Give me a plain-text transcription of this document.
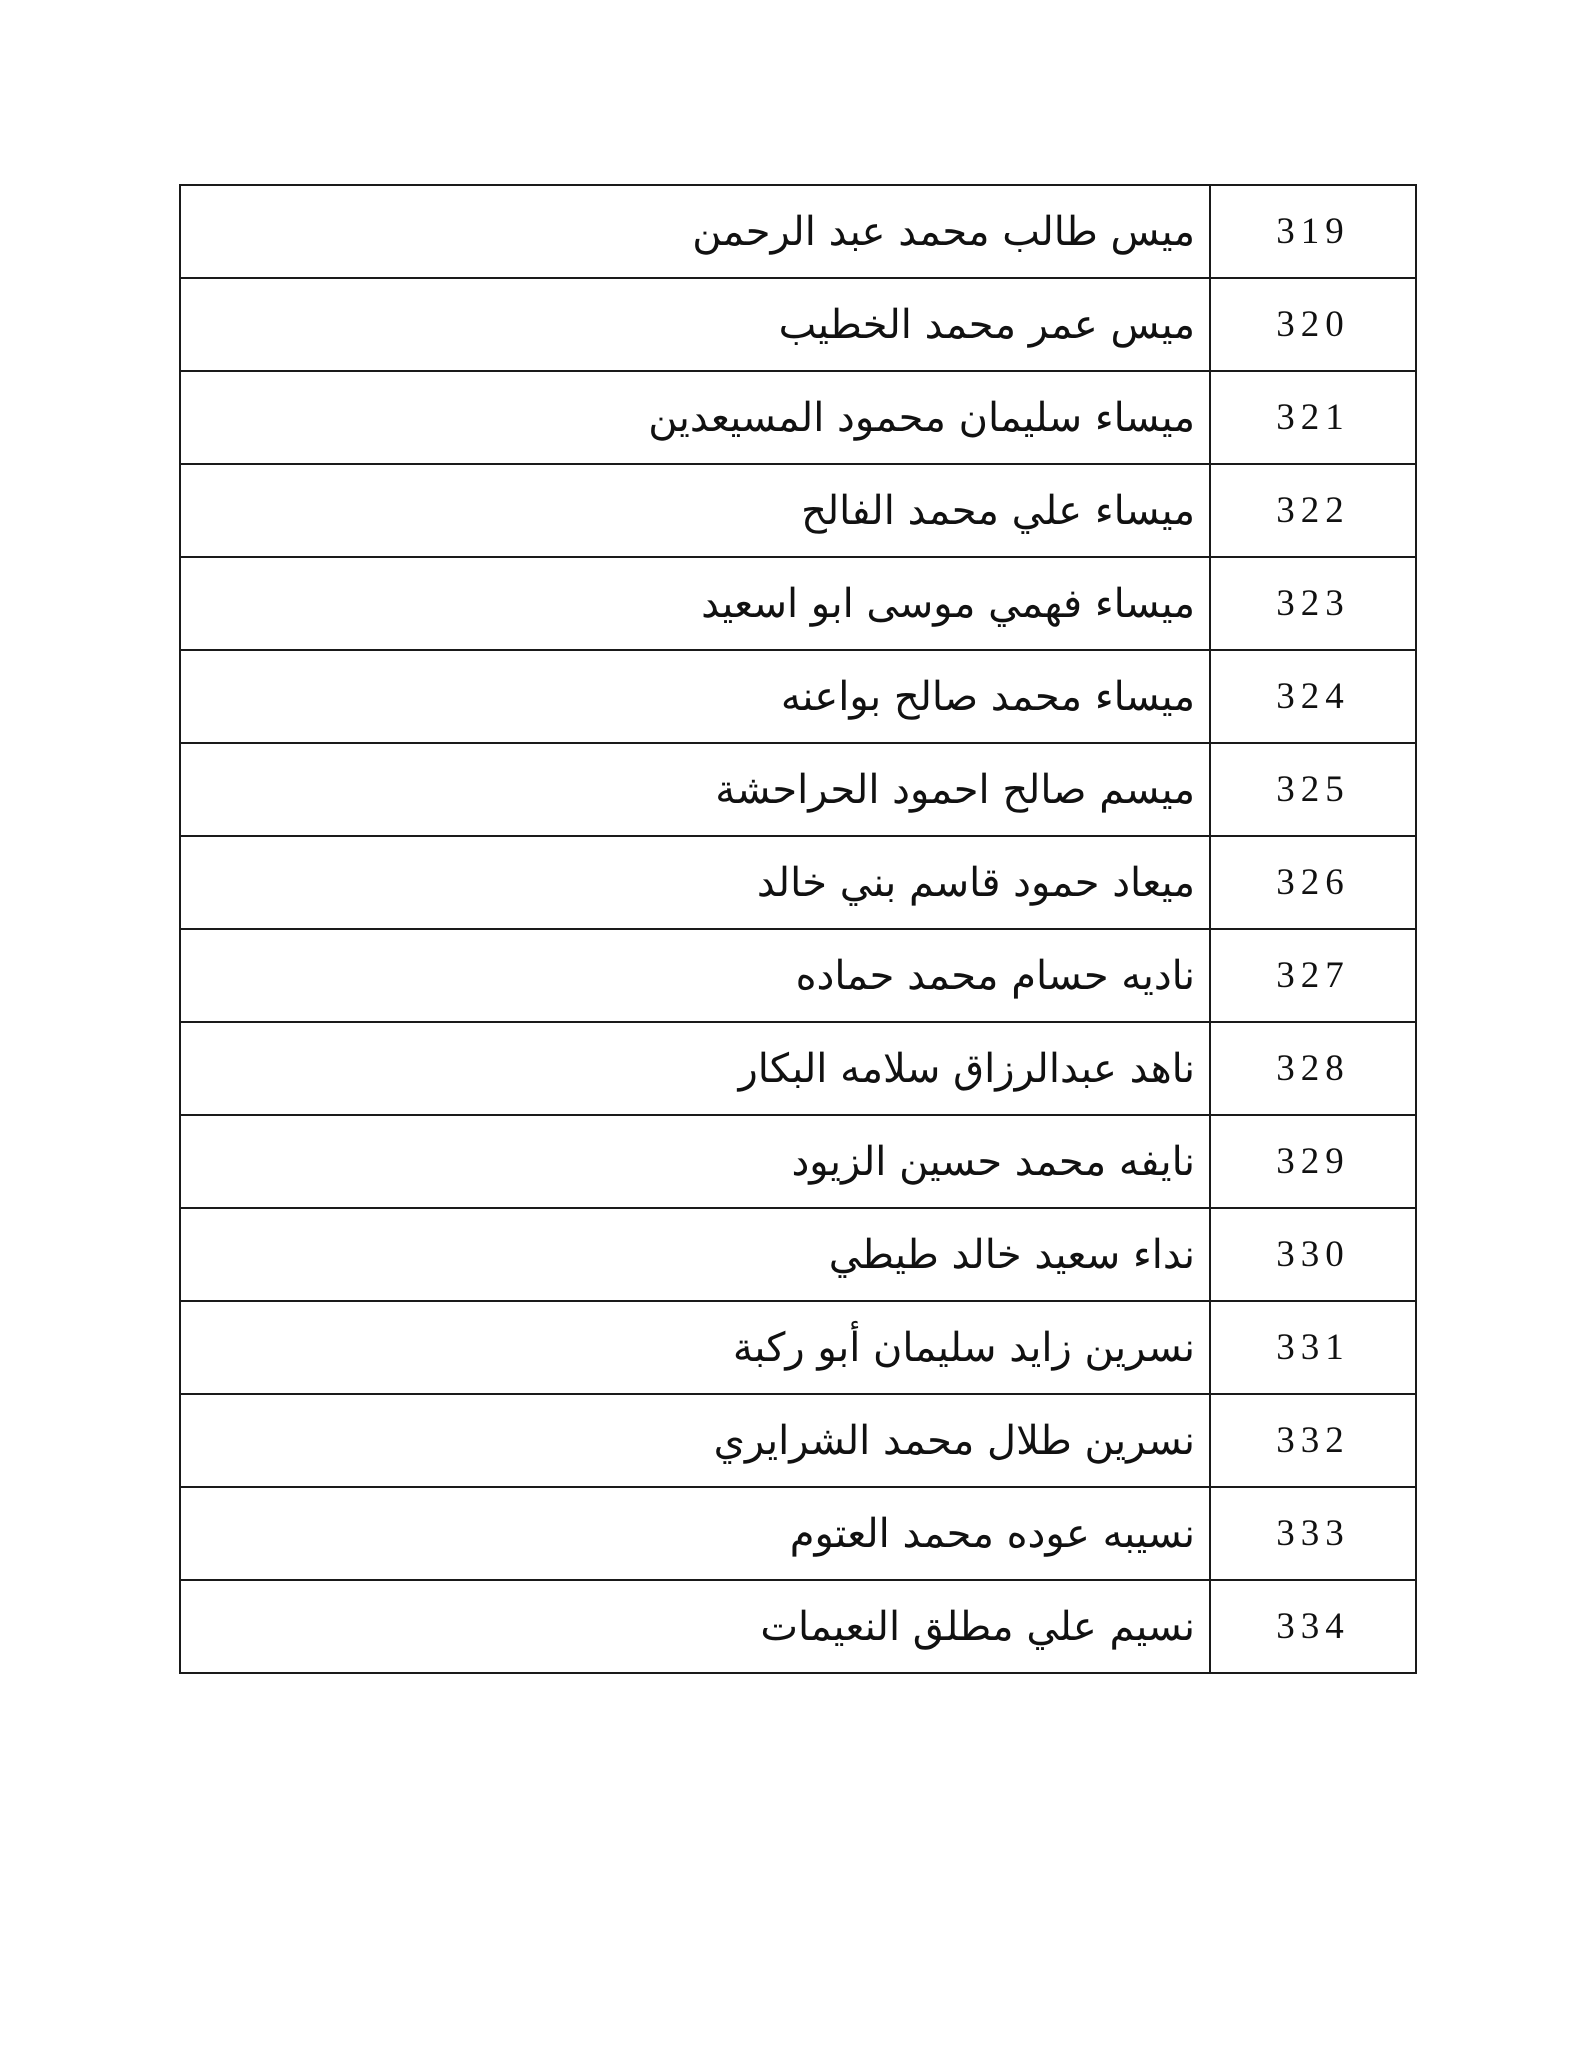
ميس طالب محمد عبد الرحمن	319
ميس عمر محمد الخطيب	320
ميساء سليمان محمود المسيعدين	321
ميساء علي محمد الفالح	322
ميساء فهمي موسى ابو اسعيد	323
ميساء محمد صالح بواعنه	324
ميسم صالح احمود الحراحشة	325
ميعاد حمود قاسم بني خالد	326
ناديه حسام محمد حماده	327
ناهد عبدالرزاق سلامه البكار	328
نايفه محمد حسين الزيود	329
نداء سعيد خالد طيطي	330
نسرين زايد سليمان أبو ركبة	331
نسرين طلال محمد الشرايري	332
نسيبه عوده محمد العتوم	333
نسيم علي مطلق النعيمات	334
